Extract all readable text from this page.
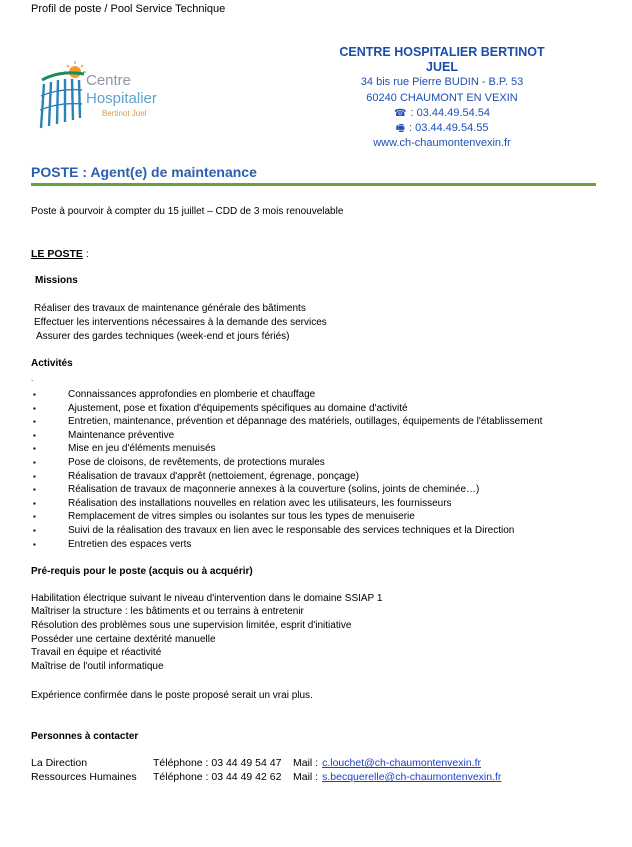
Profil de poste / Pool Service Technique
Centre
Hospitalier
Bertinot Juel
CENTRE HOSPITALIER BERTINOT JUEL
34 bis rue Pierre BUDIN - B.P. 53
60240 CHAUMONT EN VEXIN
☎ : 03.44.49.54.54
🖷 : 03.44.49.54.55
www.ch-chaumontenvexin.fr
POSTE : Agent(e) de maintenance
Poste à pourvoir à compter du 15 juillet – CDD de 3 mois renouvelable
LE POSTE :
Missions
Réaliser des travaux de maintenance générale des bâtiments
Effectuer les interventions nécessaires à la demande des services
Assurer des gardes techniques (week-end et jours fériés)
Activités
.
▪	Connaissances approfondies en plomberie et chauffage
▪	Ajustement, pose et fixation d'équipements spécifiques au domaine d'activité
▪	Entretien, maintenance, prévention et dépannage des matériels, outillages, équipements de l'établissement
▪	Maintenance préventive
▪	Mise en jeu d'éléments menuisés
▪	Pose de cloisons, de revêtements, de protections murales
▪	Réalisation de travaux d'apprêt (nettoiement, égrenage, ponçage)
▪	Réalisation de travaux de maçonnerie annexes à la couverture (solins, joints de cheminée…)
▪	Réalisation des installations nouvelles en relation avec les utilisateurs, les fournisseurs
▪	Remplacement de vitres simples ou isolantes sur tous les types de menuiserie
▪	Suivi de la réalisation des travaux en lien avec le responsable des services techniques et la Direction
▪	Entretien des espaces verts
Pré-requis pour le poste (acquis ou à acquérir)
Habilitation électrique suivant le niveau d'intervention dans le domaine SSIAP 1
Maîtriser la structure : les bâtiments et ou terrains à entretenir
Résolution des problèmes sous une supervision limitée, esprit d'initiative
Posséder une certaine dextérité manuelle
Travail en équipe et réactivité
Maîtrise de l'outil informatique
Expérience confirmée dans le poste proposé serait un vrai plus.
Personnes à contacter
La Direction	Téléphone : 03 44 49 54 47	Mail : c.louchet@ch-chaumontenvexin.fr
Ressources Humaines	Téléphone : 03 44 49 42 62	Mail : s.becquerelle@ch-chaumontenvexin.fr
